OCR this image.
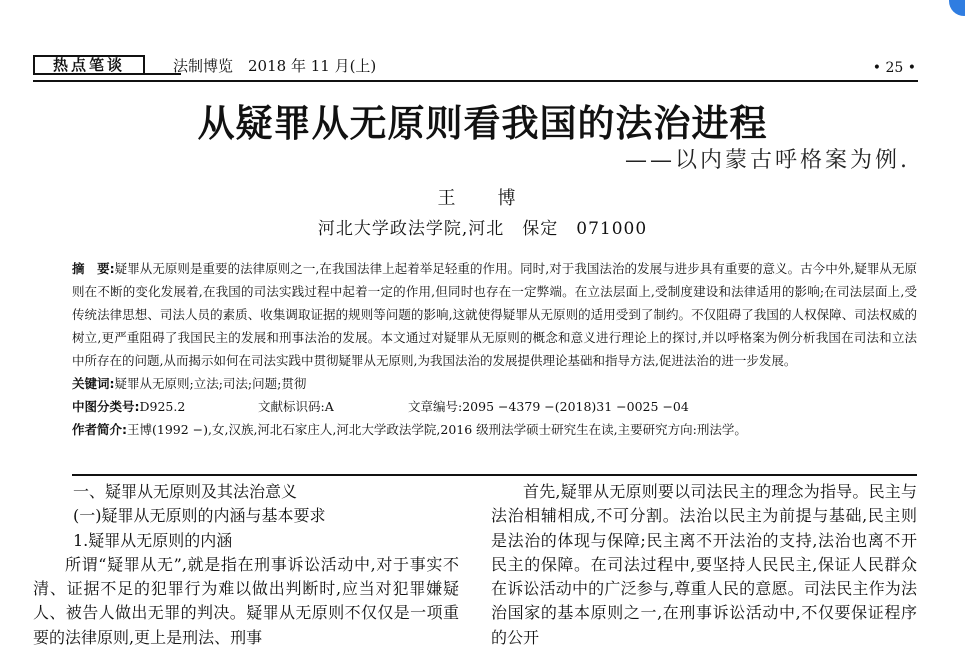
热点笔谈	法制博览　2018 年 11 月(上)	• 25 •
从疑罪从无原则看我国的法治进程
——以内蒙古呼格案为例.
王　博
河北大学政法学院,河北　保定　071000

摘　要:疑罪从无原则是重要的法律原则之一,在我国法律上起着举足轻重的作用。同时,对于我国法治的发展与进步具有重要的意义。古今中外,疑罪从无原则在不断的变化发展着,在我国的司法实践过程中起着一定的作用,但同时也存在一定弊端。在立法层面上,受制度建设和法律适用的影响;在司法层面上,受传统法律思想、司法人员的素质、收集调取证据的规则等问题的影响,这就使得疑罪从无原则的适用受到了制约。不仅阻碍了我国的人权保障、司法权威的树立,更严重阻碍了我国民主的发展和刑事法治的发展。本文通过对疑罪从无原则的概念和意义进行理论上的探讨,并以呼格案为例分析我国在司法和立法中所存在的问题,从而揭示如何在司法实践中贯彻疑罪从无原则,为我国法治的发展提供理论基础和指导方法,促进法治的进一步发展。

关键词:疑罪从无原则;立法;司法;问题;贯彻

中图分类号:D925.2	文献标识码:A	文章编号:2095 −4379 −(2018)31 −0025 −04

作者简介:王博(1992 −),女,汉族,河北石家庄人,河北大学政法学院,2016 级刑法学硕士研究生在读,主要研究方向:刑法学。

一、疑罪从无原则及其法治意义

(一)疑罪从无原则的内涵与基本要求

1.疑罪从无原则的内涵

所谓“疑罪从无”,就是指在刑事诉讼活动中,对于事实不清、证据不足的犯罪行为难以做出判断时,应当对犯罪嫌疑人、被告人做出无罪的判决。疑罪从无原则不仅仅是一项重要的法律原则,更上是刑法、刑事

首先,疑罪从无原则要以司法民主的理念为指导。民主与法治相辅相成,不可分割。法治以民主为前提与基础,民主则是法治的体现与保障;民主离不开法治的支持,法治也离不开民主的保障。在司法过程中,要坚持人民民主,保证人民群众在诉讼活动中的广泛参与,尊重人民的意愿。司法民主作为法治国家的基本原则之一,在刑事诉讼活动中,不仅要保证程序的公开
